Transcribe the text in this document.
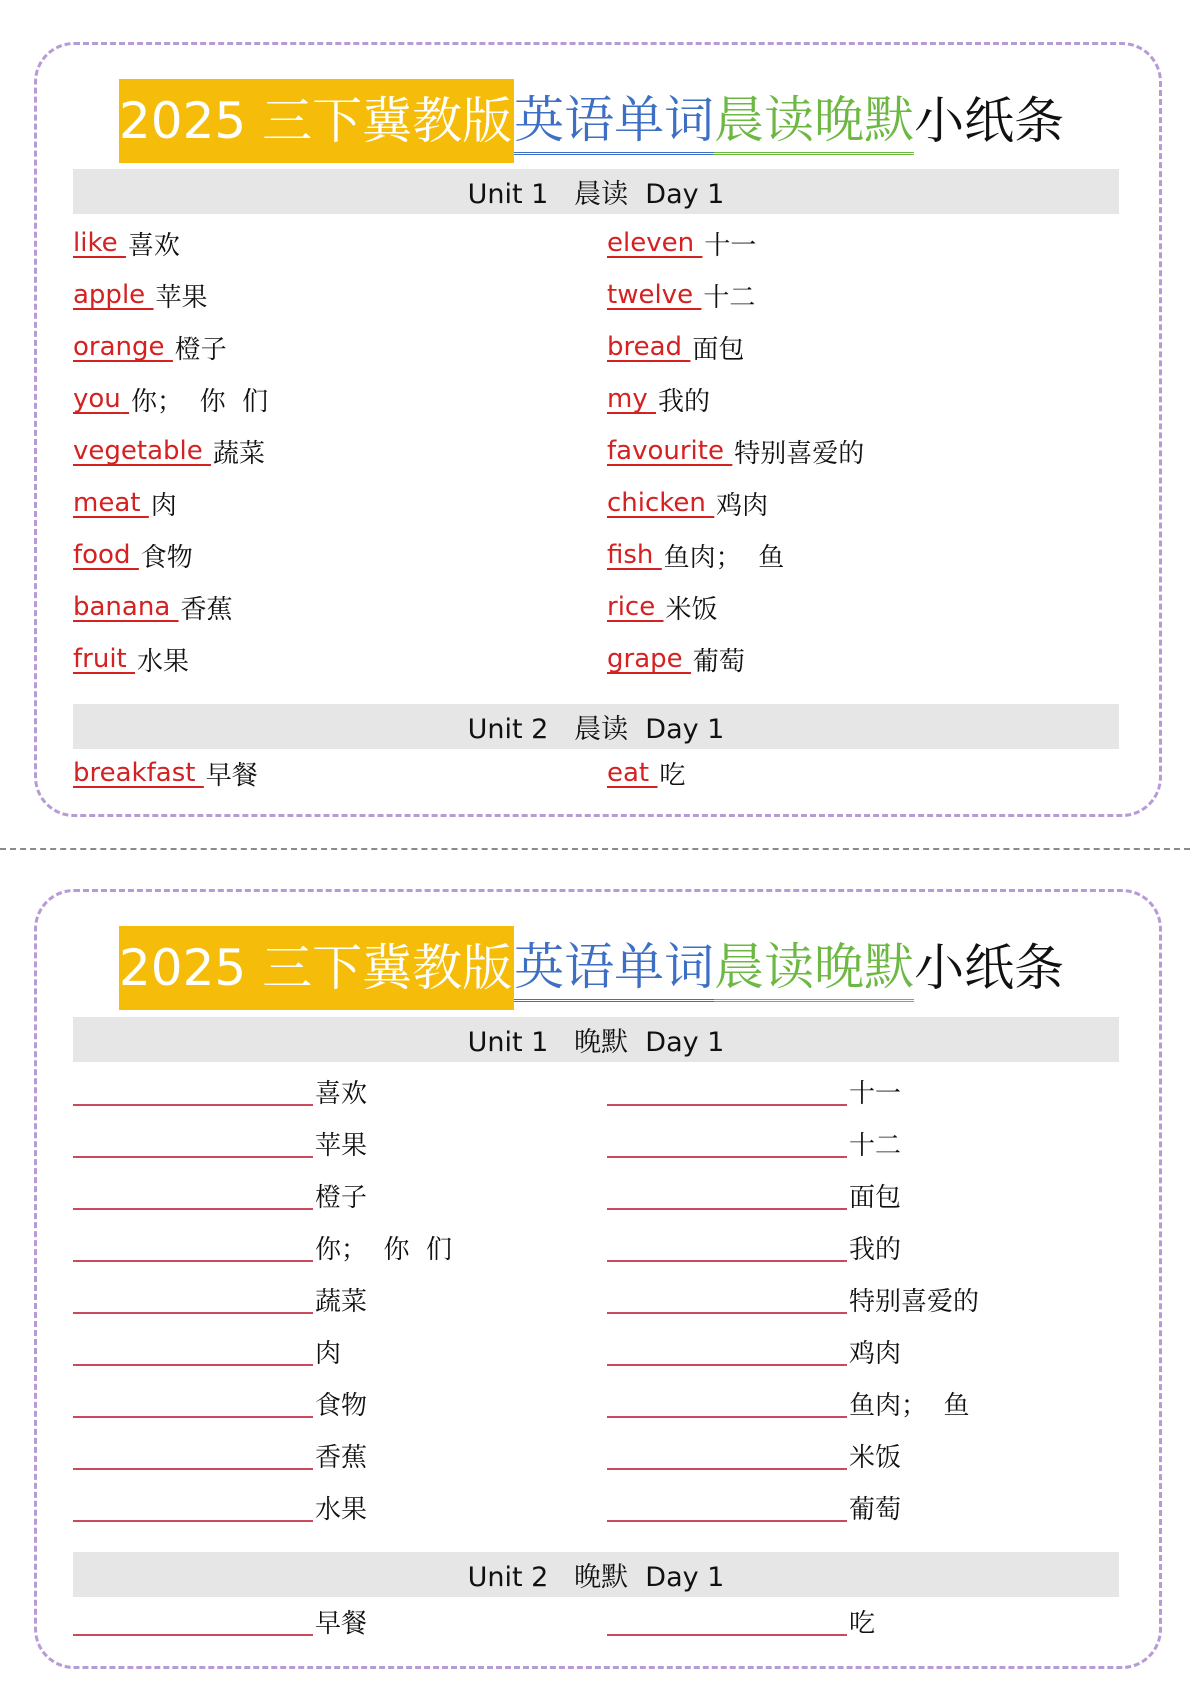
2025 三下冀教版 英语单词 晨读晚默 小纸条
Unit 1   晨读  Day 1
like 喜欢	eleven 十一
apple 苹果	twelve 十二
orange 橙子	bread 面包
you 你；  你  们	my 我的
vegetable 蔬菜	favourite 特别喜爱的
meat 肉	chicken 鸡肉
food 食物	fish 鱼肉；  鱼
banana 香蕉	rice 米饭
fruit 水果	grape 葡萄
Unit 2   晨读  Day 1
breakfast 早餐	eat 吃
2025 三下冀教版 英语单词 晨读晚默 小纸条
Unit 1   晚默  Day 1
喜欢	十一
苹果	十二
橙子	面包
你；  你  们	我的
蔬菜	特别喜爱的
肉	鸡肉
食物	鱼肉；  鱼
香蕉	米饭
水果	葡萄
Unit 2   晚默  Day 1
早餐	吃
